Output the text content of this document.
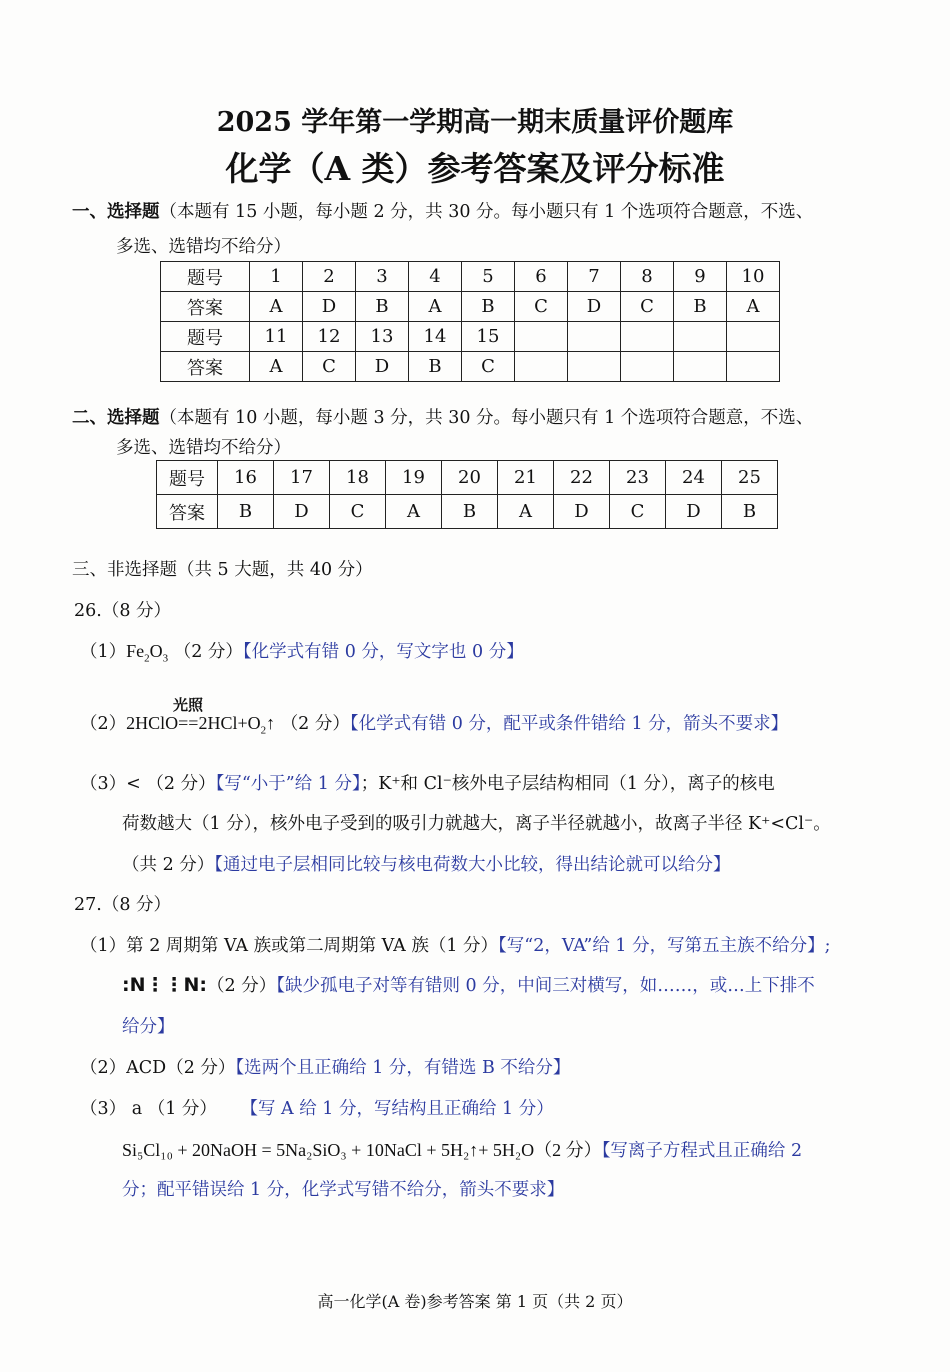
2025 学年第一学期高一期末质量评价题库
化学（A 类）参考答案及评分标准
一、选择题（本题有 15 小题，每小题 2 分，共 30 分。每小题只有 1 个选项符合题意，不选、
多选、选错均不给分）
题号	1	2	3	4	5	6	7	8	9	10
答案	A	D	B	A	B	C	D	C	B	A
题号	11	12	13	14	15					
答案	A	C	D	B	C					
二、选择题（本题有 10 小题，每小题 3 分，共 30 分。每小题只有 1 个选项符合题意，不选、
多选、选错均不给分）
题号	16	17	18	19	20	21	22	23	24	25
答案	B	D	C	A	B	A	D	C	D	B
三、非选择题（共 5 大题，共 40 分）
26.（8 分）
$(1)Fe_2O_3$ （2 分）【化学式有错 0 分，写文字也 0 分】
光照
$(2)2HClO==2HCl+O_2↑$ （2 分）【化学式有错 0 分，配平或条件错给 1 分，箭头不要求】
（3）< （2 分）【写“小于”给 1 分】；K⁺和 Cl⁻核外电子层结构相同（1 分），离子的核电
荷数越大（1 分），核外电子受到的吸引力就越大，离子半径就越小，故离子半径 K⁺<Cl⁻。
（共 2 分）【通过电子层相同比较与核电荷数大小比较，得出结论就可以给分】
27.（8 分）
（1）第 2 周期第 VA 族或第二周期第 VA 族（1 分）【写“2，VA”给 1 分，写第五主族不给分】;
:N⋮⋮N:（2 分）【缺少孤电子对等有错则 0 分，中间三对横写，如……，或…上下排不
给分】
（2）ACD（2 分）【选两个且正确给 1 分，有错选 B 不给分】
（3） a （1 分） 【写 A 给 1 分，写结构且正确给 1 分）
Si₅Cl₁₀ + 20NaOH = 5Na₂SiO₃ + 10NaCl + 5H₂↑+ 5H₂O（2 分）【写离子方程式且正确给 2
分；配平错误给 1 分，化学式写错不给分，箭头不要求】
高一化学(A 卷)参考答案 第 1 页（共 2 页）
